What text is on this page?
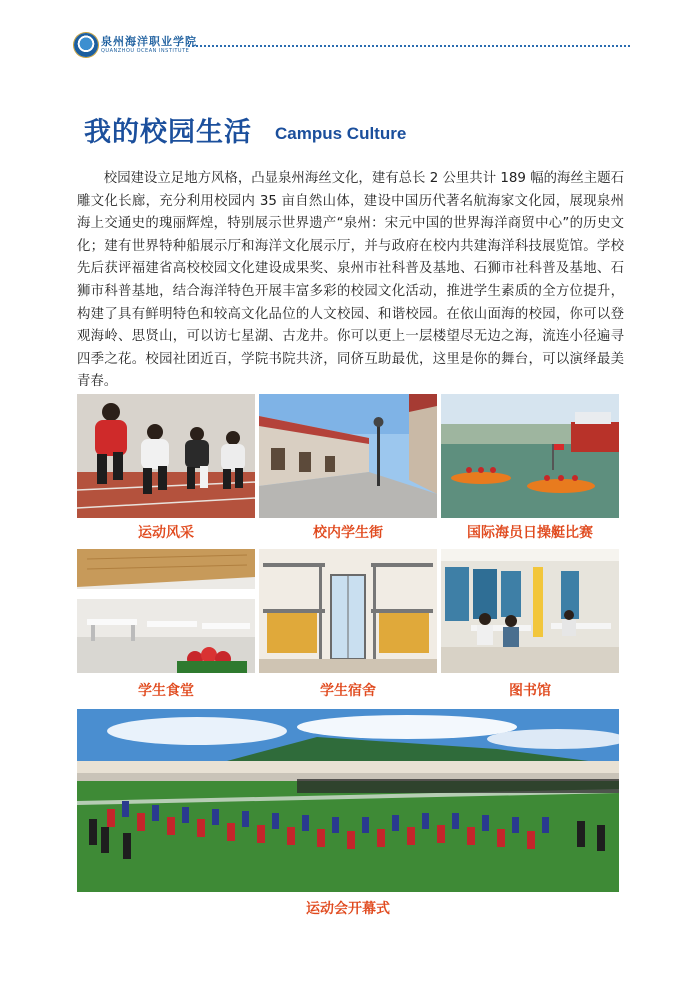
泉州海洋职业学院
QUANZHOU OCEAN INSTITUTE
我的校园生活 Campus Culture

校园建设立足地方风格，凸显泉州海丝文化，建有总长 2 公里共计 189 幅的海丝主题石雕文化长廊，充分利用校园内 35 亩自然山体，建设中国历代著名航海家文化园，展现泉州海上交通史的瑰丽辉煌，特别展示世界遗产“泉州：宋元中国的世界海洋商贸中心”的历史文化；建有世界特种船展示厅和海洋文化展示厅，并与政府在校内共建海洋科技展览馆。学校先后获评福建省高校校园文化建设成果奖、泉州市社科普及基地、石狮市社科普及基地、石狮市科普基地，结合海洋特色开展丰富多彩的校园文化活动，推进学生素质的全方位提升，构建了具有鲜明特色和较高文化品位的人文校园、和谐校园。在依山面海的校园，你可以登观海岭、思贤山，可以访七星湖、古龙井。你可以更上一层楼望尽无边之海，流连小径遍寻四季之花。校园社团近百，学院书院共济，同侪互助最优，这里是你的舞台，可以演绎最美青春。

运动风采	校内学生街	国际海员日操艇比赛
学生食堂	学生宿舍	图书馆
运动会开幕式
